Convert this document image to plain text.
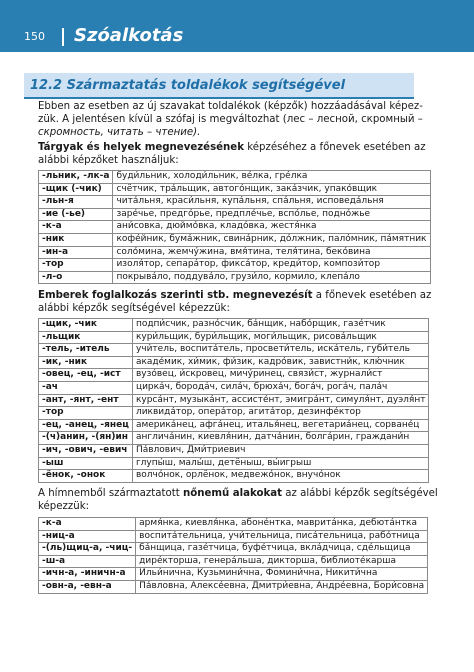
150 Szóalkotás
12.2 Származtatás toldalékok segítségével
Ebben az esetben az új szavakat toldalékok (képzők) hozzáadásával képez-
zük. A jelentésen kívül a szófaj is megváltozhat (лес – лесной, скромный –
скромность, читать – чтение).
Tárgyak és helyek megnevezésének képzéséhez a főnevek esetében az
alábbi képzőket használjuk:
-льник, -лк-а	буди́льник, холоди́льник, ве́лка, гре́лка
-щик (-чик)	счётчик, тра́льщик, автого́нщик, зака́зчик, упако́вщик
-льн-я	чита́льня, краси́льня, купа́льня, спа́льня, исповеда́льня
-ие (-ье)	заре́чье, предго́рье, предпле́чье, вспо́лье, подно́жье
-к-а	ани́совка, дюймо́вка, кладо́вка, жестя́нка
-ник	кофе́йник, бума́жник, свина́рник, до́лжник, пало́мник, па́мятник
-ин-а	соло́мина, жемчу́жина, вмя́тина, теля́тина, беко́вина
-тор	изоля́тор, сепара́тор, фикса́тор, креди́тор, компози́тор
-л-о	покрыва́ло, поддува́ло, грузи́ло, кормило, клепа́ло
Emberek foglalkozás szerinti stb. megnevezésít a főnevek esetében az
alábbi képzők segítségével képezzük:
-щик, -чик	подпи́счик, разно́счик, ба́нщик, набо́рщик, газе́тчик
-льщик	кури́льщик, бури́льщик, моги́льщик, рисова́льщик
-тель, -итель	учи́тель, воспита́тель, просвети́тель, иска́тель, губи́тель
-ик, -ник	акаде́мик, хи́мик, фи́зик, кадро́вик, завистни́к, клю́чник
-овец, -ец, -ист	вузо́вец, и́скровец, мичу́ринец, связи́ст, журнали́ст
-ач	цирка́ч, бородáч, сила́ч, брюха́ч, бога́ч, рога́ч, пала́ч
-ант, -янт, -ент	курса́нт, музыка́нт, ассисте́нт, эмигра́нт, симуля́нт, дуэля́нт
-тор	ликвида́тор, опера́тор, агита́тор, дезинфе́ктор
-ец, -анец, -янец	америка́нец, афга́нец, италья́нец, вегетариа́нец, сорване́ц
-(ч)анин, -(ян)ин	англича́нин, киевля́нин, датча́нин, болга́рин, граждани́н
-ич, -ович, -евич	Па́влович, Дми́триевич
-ыш	глупы́ш, малы́ш, детёныш, вы́игрыш
-ёнок, -онок	волчо́нок, орлёнок, медвежо́нок, внучо́нок
A hímnemből származtatott nőnemű alakokat az alábbi képzők segítségével
képezzük:
-к-а	армя́нка, киевля́нка, абоне́нтка, маврита́нка, дебюта́нтка
-ниц-а	воспита́тельница, учи́тельница, писа́тельница, рабо́тница
-(ль)щиц-а, -чиц-	ба́нщица, газе́тчица, буфе́тчица, вкла́дчица, сде́льщица
-ш-а	дире́кторша, генера́льша, дикторша, библиоте́карша
-ичн-а, -иничн-а	Ильи́нична, Кузьмини́чна, Фомини́чна, Никити́чна
-овн-а, -евн-а	Па́вловна, Алексе́евна, Дмитри́евна, Андре́евна, Бори́совна
